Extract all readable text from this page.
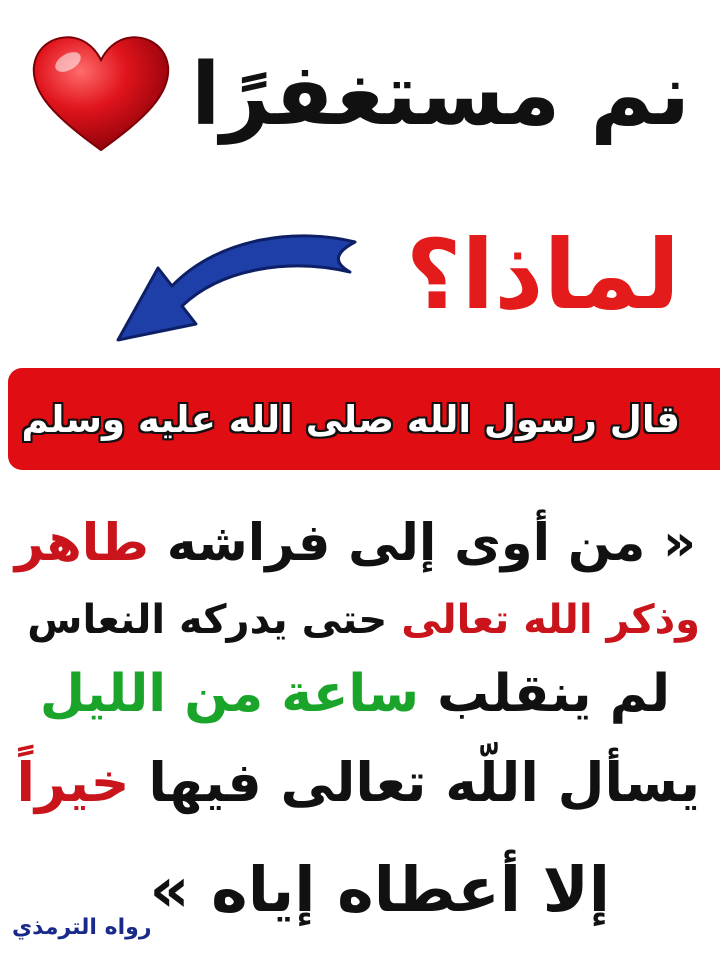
نم مستغفرًا
لماذا؟
قال رسول الله صلى الله عليه وسلم
« من أوى إلى فراشه طاهر
وذكر الله تعالى حتى يدركه النعاس
لم ينقلب ساعة من الليل
يسأل اللّه تعالى فيها خيراً
إلا أعطاه إياه »
رواه الترمذي
